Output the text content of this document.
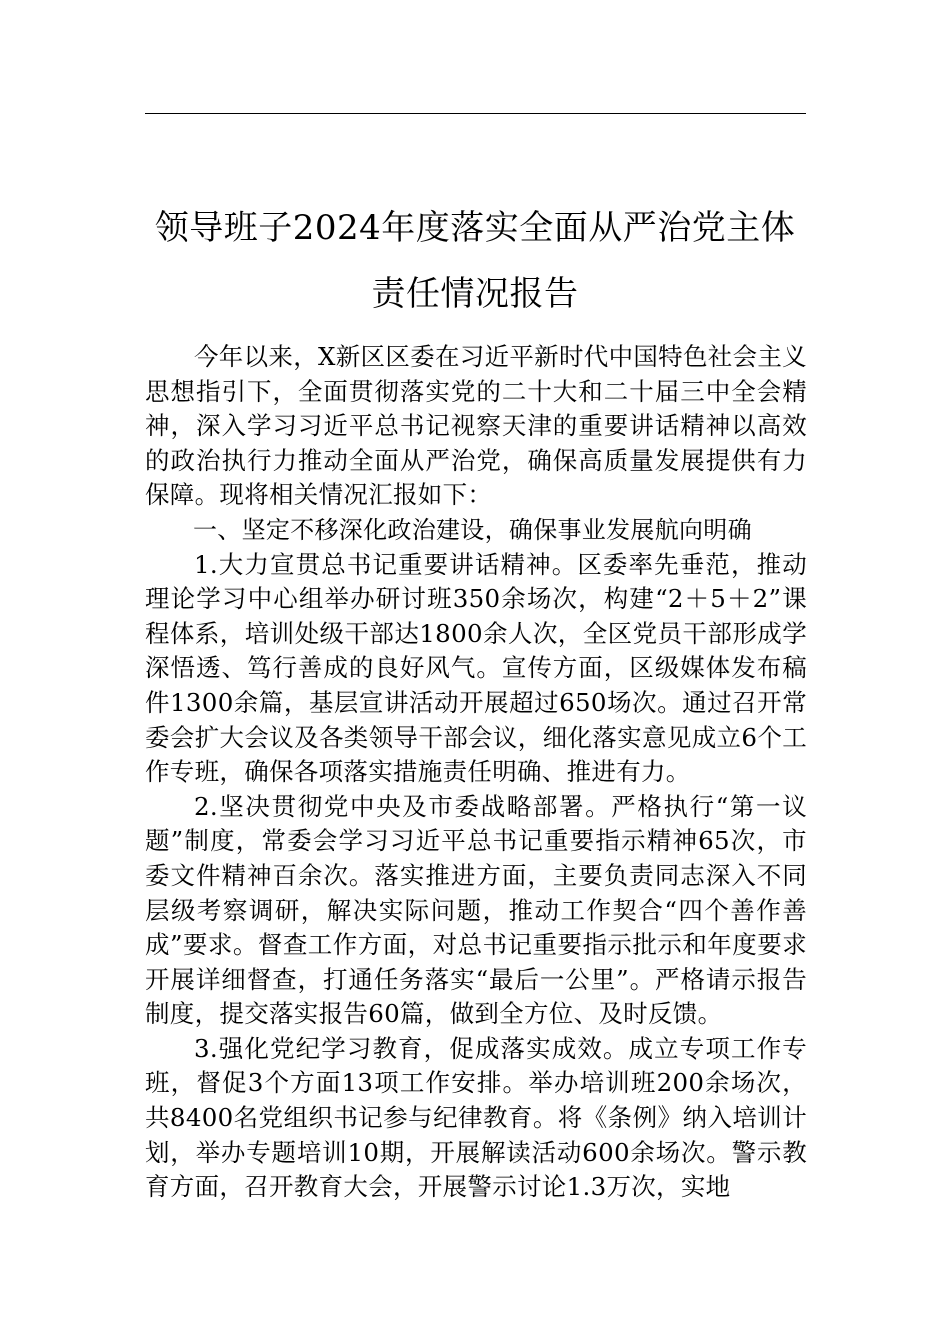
领导班子2024年度落实全面从严治党主体
责任情况报告

今年以来，X新区区委在习近平新时代中国特色社会主义思想指引下，全面贯彻落实党的二十大和二十届三中全会精神，深入学习习近平总书记视察天津的重要讲话精神以高效的政治执行力推动全面从严治党，确保高质量发展提供有力保障。现将相关情况汇报如下：

一、坚定不移深化政治建设，确保事业发展航向明确

1.大力宣贯总书记重要讲话精神。区委率先垂范，推动理论学习中心组举办研讨班350余场次，构建“2＋5＋2”课程体系，培训处级干部达1800余人次，全区党员干部形成学深悟透、笃行善成的良好风气。宣传方面，区级媒体发布稿件1300余篇，基层宣讲活动开展超过650场次。通过召开常委会扩大会议及各类领导干部会议，细化落实意见成立6个工作专班，确保各项落实措施责任明确、推进有力。

2.坚决贯彻党中央及市委战略部署。严格执行“第一议题”制度，常委会学习习近平总书记重要指示精神65次，市委文件精神百余次。落实推进方面，主要负责同志深入不同层级考察调研，解决实际问题，推动工作契合“四个善作善成”要求。督查工作方面，对总书记重要指示批示和年度要求开展详细督查，打通任务落实“最后一公里”。严格请示报告制度，提交落实报告60篇，做到全方位、及时反馈。

3.强化党纪学习教育，促成落实成效。成立专项工作专班，督促3个方面13项工作安排。举办培训班200余场次，共8400名党组织书记参与纪律教育。将《条例》纳入培训计划，举办专题培训10期，开展解读活动600余场次。警示教育方面，召开教育大会，开展警示讨论1.3万次，实地
